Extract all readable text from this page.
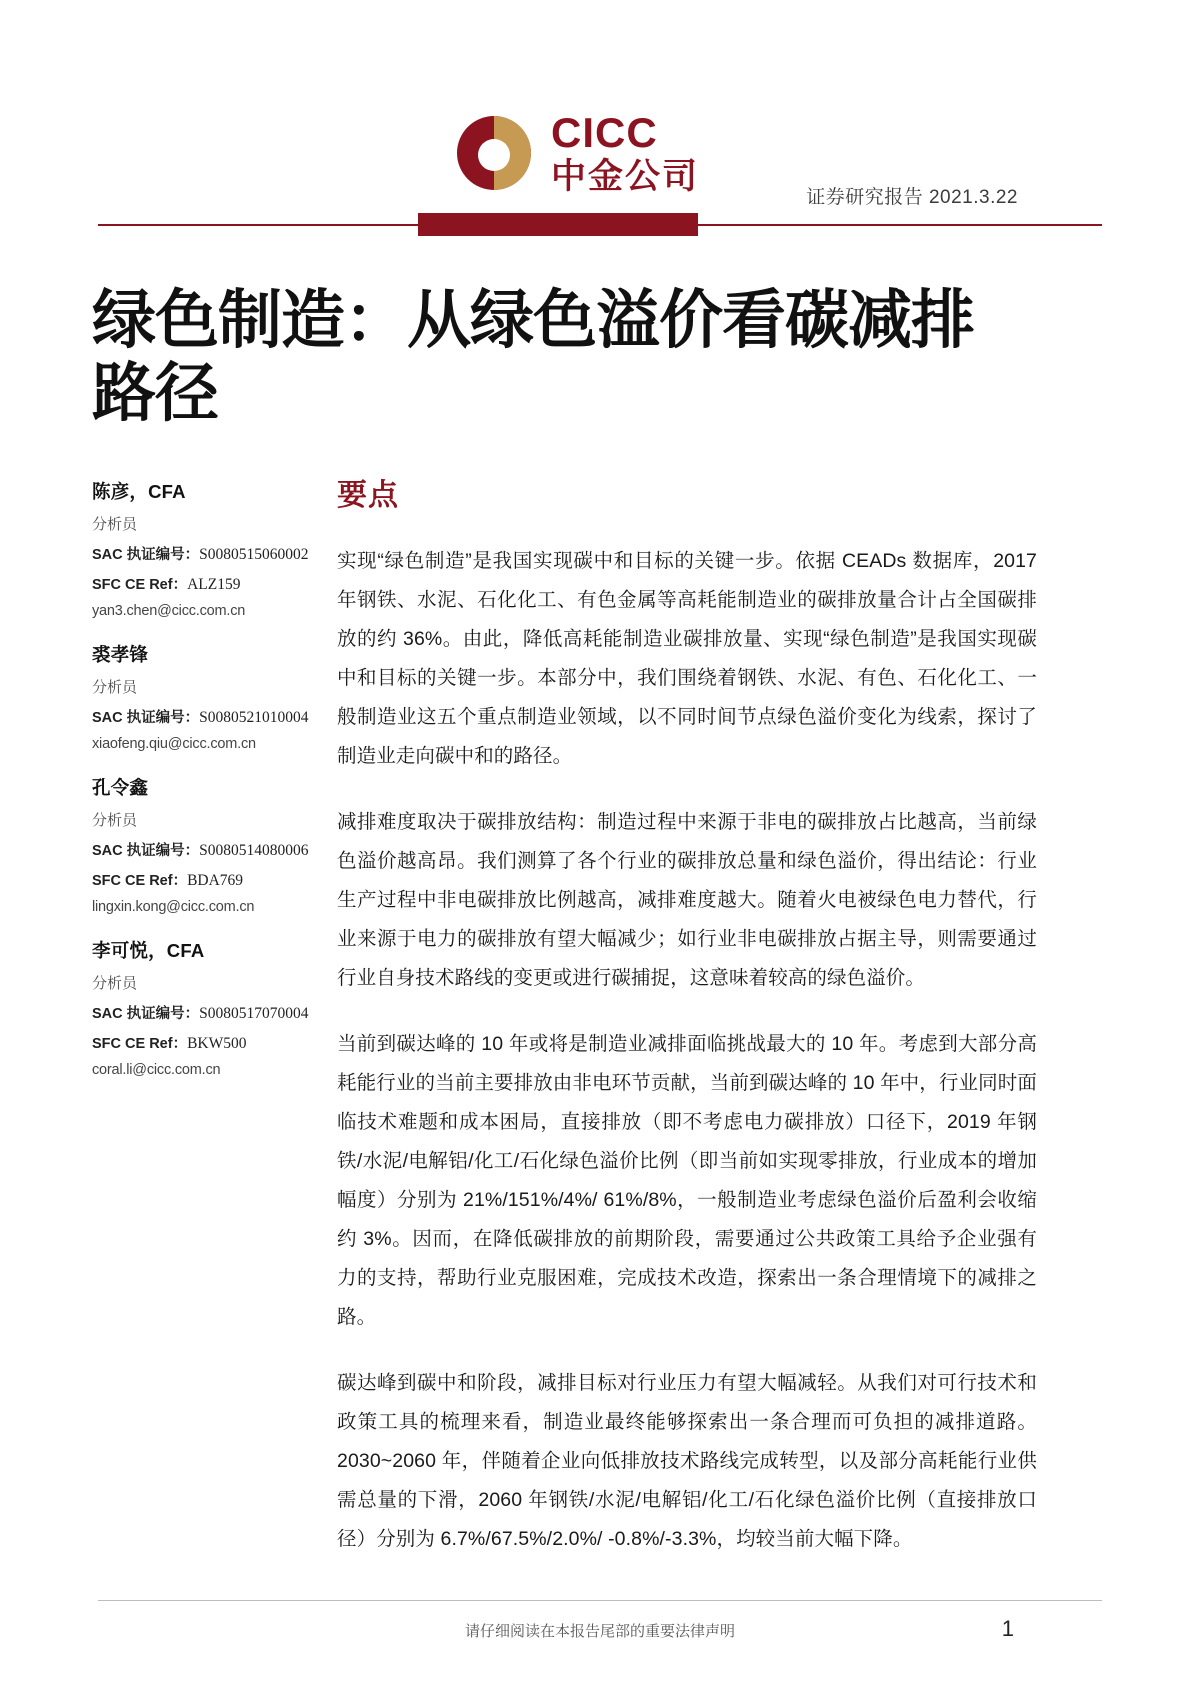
CICC
中金公司
证券研究报告 2021.3.22
绿色制造：从绿色溢价看碳减排路径
陈彦，CFA
分析员
SAC 执证编号：S0080515060002
SFC CE Ref：ALZ159
yan3.chen@cicc.com.cn
裘孝锋
分析员
SAC 执证编号：S0080521010004
xiaofeng.qiu@cicc.com.cn
孔令鑫
分析员
SAC 执证编号：S0080514080006
SFC CE Ref：BDA769
lingxin.kong@cicc.com.cn
李可悦，CFA
分析员
SAC 执证编号：S0080517070004
SFC CE Ref：BKW500
coral.li@cicc.com.cn
要点

实现“绿色制造”是我国实现碳中和目标的关键一步。依据 CEADs 数据库，2017 年钢铁、水泥、石化化工、有色金属等高耗能制造业的碳排放量合计占全国碳排放的约 36%。由此，降低高耗能制造业碳排放量、实现“绿色制造”是我国实现碳中和目标的关键一步。本部分中，我们围绕着钢铁、水泥、有色、石化化工、一般制造业这五个重点制造业领域，以不同时间节点绿色溢价变化为线索，探讨了制造业走向碳中和的路径。

减排难度取决于碳排放结构：制造过程中来源于非电的碳排放占比越高，当前绿色溢价越高昂。我们测算了各个行业的碳排放总量和绿色溢价，得出结论：行业生产过程中非电碳排放比例越高，减排难度越大。随着火电被绿色电力替代，行业来源于电力的碳排放有望大幅减少；如行业非电碳排放占据主导，则需要通过行业自身技术路线的变更或进行碳捕捉，这意味着较高的绿色溢价。

当前到碳达峰的 10 年或将是制造业减排面临挑战最大的 10 年。考虑到大部分高耗能行业的当前主要排放由非电环节贡献，当前到碳达峰的 10 年中，行业同时面临技术难题和成本困局，直接排放（即不考虑电力碳排放）口径下，2019 年钢铁/水泥/电解铝/化工/石化绿色溢价比例（即当前如实现零排放，行业成本的增加幅度）分别为 21%/151%/4%/ 61%/8%，一般制造业考虑绿色溢价后盈利会收缩约 3%。因而，在降低碳排放的前期阶段，需要通过公共政策工具给予企业强有力的支持，帮助行业克服困难，完成技术改造，探索出一条合理情境下的减排之路。

碳达峰到碳中和阶段，减排目标对行业压力有望大幅减轻。从我们对可行技术和政策工具的梳理来看，制造业最终能够探索出一条合理而可负担的减排道路。2030~2060 年，伴随着企业向低排放技术路线完成转型，以及部分高耗能行业供需总量的下滑，2060 年钢铁/水泥/电解铝/化工/石化绿色溢价比例（直接排放口径）分别为 6.7%/67.5%/2.0%/ -0.8%/-3.3%，均较当前大幅下降。

请仔细阅读在本报告尾部的重要法律声明	1
